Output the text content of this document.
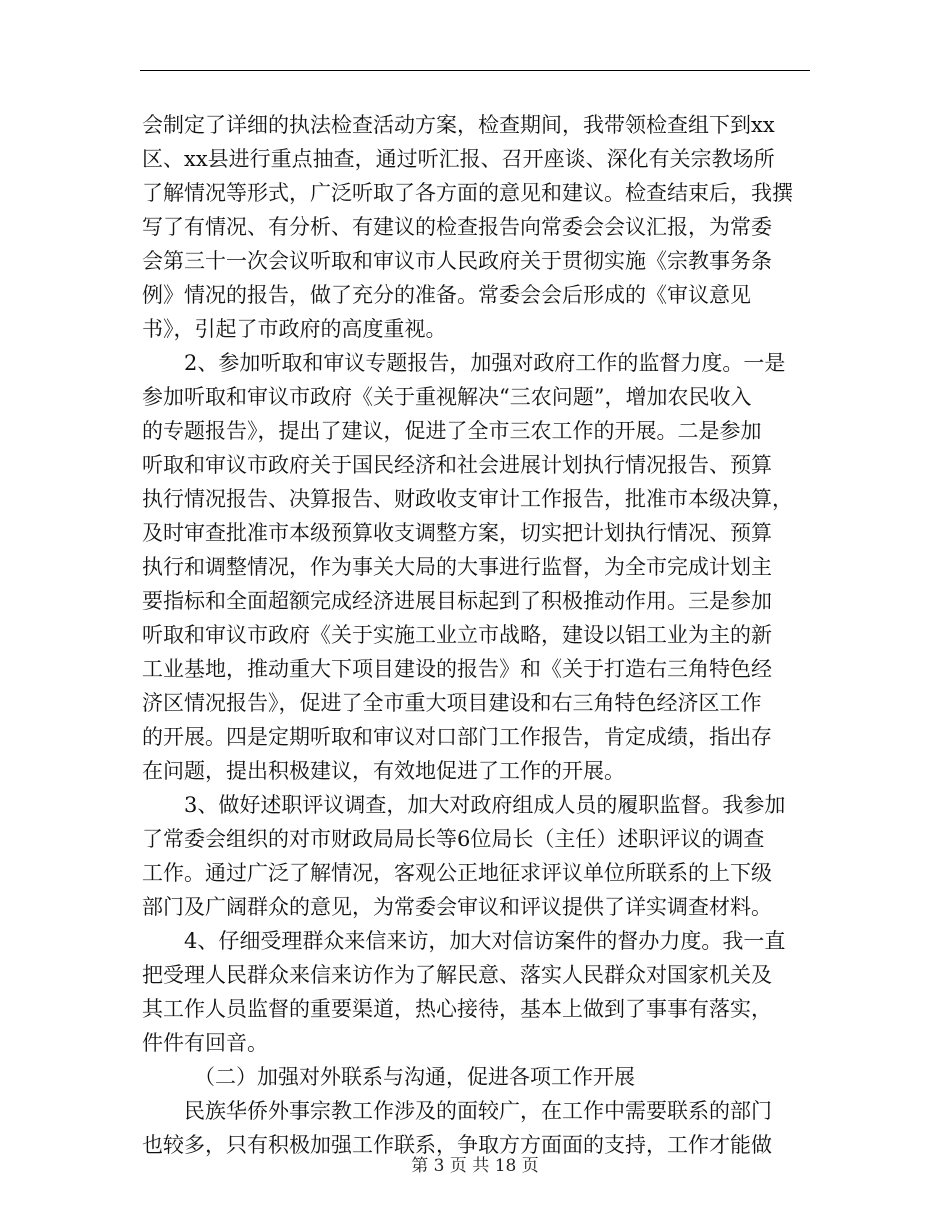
会制定了详细的执法检查活动方案，检查期间，我带领检查组下到xx
区、xx县进行重点抽查，通过听汇报、召开座谈、深化有关宗教场所
了解情况等形式，广泛听取了各方面的意见和建议。检查结束后，我撰
写了有情况、有分析、有建议的检查报告向常委会会议汇报，为常委
会第三十一次会议听取和审议市人民政府关于贯彻实施《宗教事务条
例》情况的报告，做了充分的准备。常委会会后形成的《审议意见
书》，引起了市政府的高度重视。
2、参加听取和审议专题报告，加强对政府工作的监督力度。一是
参加听取和审议市政府《关于重视解决“三农问题”，增加农民收入
的专题报告》，提出了建议，促进了全市三农工作的开展。二是参加
听取和审议市政府关于国民经济和社会进展计划执行情况报告、预算
执行情况报告、决算报告、财政收支审计工作报告，批准市本级决算，
及时审查批准市本级预算收支调整方案，切实把计划执行情况、预算
执行和调整情况，作为事关大局的大事进行监督，为全市完成计划主
要指标和全面超额完成经济进展目标起到了积极推动作用。三是参加
听取和审议市政府《关于实施工业立市战略，建设以铝工业为主的新
工业基地，推动重大下项目建设的报告》和《关于打造右三角特色经
济区情况报告》，促进了全市重大项目建设和右三角特色经济区工作
的开展。四是定期听取和审议对口部门工作报告，肯定成绩，指出存
在问题，提出积极建议，有效地促进了工作的开展。
3、做好述职评议调查，加大对政府组成人员的履职监督。我参加
了常委会组织的对市财政局局长等6位局长（主任）述职评议的调查
工作。通过广泛了解情况，客观公正地征求评议单位所联系的上下级
部门及广阔群众的意见，为常委会审议和评议提供了详实调查材料。
4、仔细受理群众来信来访，加大对信访案件的督办力度。我一直
把受理人民群众来信来访作为了解民意、落实人民群众对国家机关及
其工作人员监督的重要渠道，热心接待，基本上做到了事事有落实，
件件有回音。
（二）加强对外联系与沟通，促进各项工作开展
民族华侨外事宗教工作涉及的面较广，在工作中需要联系的部门
也较多，只有积极加强工作联系，争取方方面面的支持，工作才能做
第 3 页 共 18 页
